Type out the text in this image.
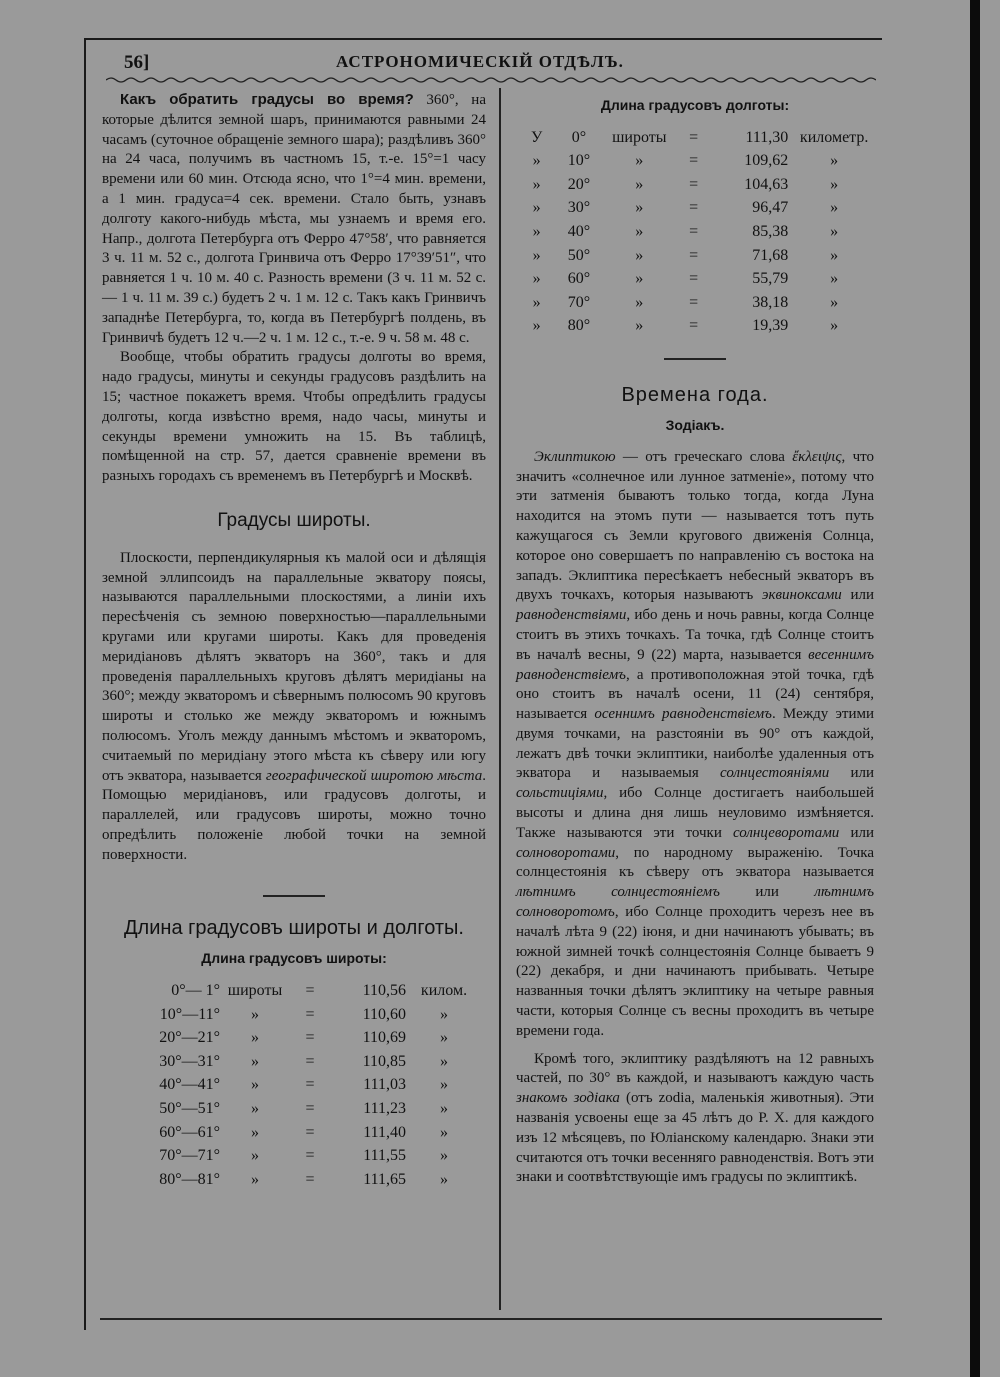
56]	АСТРОНОМИЧЕСКІЙ ОТДѢЛЪ.

Какъ обратить градусы во время? 360°, на которые дѣлится земной шаръ, принимаются равными 24 часамъ (суточное обращеніе земного шара); раздѣливъ 360° на 24 часа, получимъ въ частномъ 15, т.-е. 15°=1 часу времени или 60 мин. Отсюда ясно, что 1°=4 мин. времени, а 1 мин. градуса=4 сек. времени. Стало быть, узнавъ долготу какого-нибудь мѣста, мы узнаемъ и время его. Напр., долгота Петербурга отъ Ферро 47°58′, что равняется 3 ч. 11 м. 52 с., долгота Гринвича отъ Ферро 17°39′51″, что равняется 1 ч. 10 м. 40 с. Разность времени (3 ч. 11 м. 52 с.— 1 ч. 11 м. 39 с.) будетъ 2 ч. 1 м. 12 с. Такъ какъ Гринвичъ западнѣе Петербурга, то, когда въ Петербургѣ полдень, въ Гринвичѣ будетъ 12 ч.—2 ч. 1 м. 12 с., т.-е. 9 ч. 58 м. 48 с.

Вообще, чтобы обратить градусы долготы во время, надо градусы, минуты и секунды градусовъ раздѣлить на 15; частное покажетъ время. Чтобы опредѣлить градусы долготы, когда извѣстно время, надо часы, минуты и секунды времени умножить на 15. Въ таблицѣ, помѣщенной на стр. 57, дается сравненіе времени въ разныхъ городахъ съ временемъ въ Петербургѣ и Москвѣ.

Градусы широты.

Плоскости, перпендикулярныя къ малой оси и дѣлящія земной эллипсоидъ на параллельные экватору поясы, называются параллельными плоскостями, а линіи ихъ пересѣченія съ земною поверхностью—параллельными кругами или кругами широты. Какъ для проведенія меридіановъ дѣлятъ экваторъ на 360°, такъ и для проведенія параллельныхъ круговъ дѣлятъ меридіаны на 360°; между экваторомъ и сѣвернымъ полюсомъ 90 круговъ широты и столько же между экваторомъ и южнымъ полюсомъ. Уголъ между даннымъ мѣстомъ и экваторомъ, считаемый по меридіану этого мѣста къ сѣверу или югу отъ экватора, называется географической широтою мѣста. Помощью меридіановъ, или градусовъ долготы, и параллелей, или градусовъ широты, можно точно опредѣлить положеніе любой точки на земной поверхности.

Длина градусовъ широты и долготы.
Длина градусовъ широты:
0°— 1°	широты	=	110,56	килом.
10°—11°	»	=	110,60	»
20°—21°	»	=	110,69	»
30°—31°	»	=	110,85	»
40°—41°	»	=	111,03	»
50°—51°	»	=	111,23	»
60°—61°	»	=	111,40	»
70°—71°	»	=	111,55	»
80°—81°	»	=	111,65	»
Длина градусовъ долготы:
У	0°	широты	=	111,30	километр.
»	10°	»	=	109,62	»
»	20°	»	=	104,63	»
»	30°	»	=	96,47	»
»	40°	»	=	85,38	»
»	50°	»	=	71,68	»
»	60°	»	=	55,79	»
»	70°	»	=	38,18	»
»	80°	»	=	19,39	»
Времена года.
Зодіакъ.

Эклиптикою — отъ греческаго слова ἔκλειψις, что значитъ «солнечное или лунное затменіе», потому что эти затменія бываютъ только тогда, когда Луна находится на этомъ пути — называется тотъ путь кажущагося съ Земли кругового движенія Солнца, которое оно совершаетъ по направленію съ востока на западъ. Эклиптика пересѣкаетъ небесный экваторъ въ двухъ точкахъ, которыя называютъ эквиноксами или равноденствіями, ибо день и ночь равны, когда Солнце стоитъ въ этихъ точкахъ. Та точка, гдѣ Солнце стоитъ въ началѣ весны, 9 (22) марта, называется весеннимъ равноденствіемъ, а противоположная этой точка, гдѣ оно стоитъ въ началѣ осени, 11 (24) сентября, называется осеннимъ равноденствіемъ. Между этими двумя точками, на разстояніи въ 90° отъ каждой, лежатъ двѣ точки эклиптики, наиболѣе удаленныя отъ экватора и называемыя солнцестояніями или сольстиціями, ибо Солнце достигаетъ наибольшей высоты и длина дня лишь неуловимо измѣняется. Также называются эти точки солнцеворотами или солноворотами, по народному выраженію. Точка солнцестоянія къ сѣверу отъ экватора называется лѣтнимъ солнцестояніемъ или лѣтнимъ солноворотомъ, ибо Солнце проходитъ черезъ нее въ началѣ лѣта 9 (22) іюня, и дни начинаютъ убывать; въ южной зимней точкѣ солнцестоянія Солнце бываетъ 9 (22) декабря, и дни начинаютъ прибывать. Четыре названныя точки дѣлятъ эклиптику на четыре равныя части, которыя Солнце съ весны проходитъ въ четыре времени года.

Кромѣ того, эклиптику раздѣляютъ на 12 равныхъ частей, по 30° въ каждой, и называютъ каждую часть знакомъ зодіака (отъ zodia, маленькія животныя). Эти названія усвоены еще за 45 лѣтъ до Р. Х. для каждого изъ 12 мѣсяцевъ, по Юліанскому календарю. Знаки эти считаются отъ точки весенняго равноденствія. Вотъ эти знаки и соотвѣтствующіе имъ градусы по эклиптикѣ.
